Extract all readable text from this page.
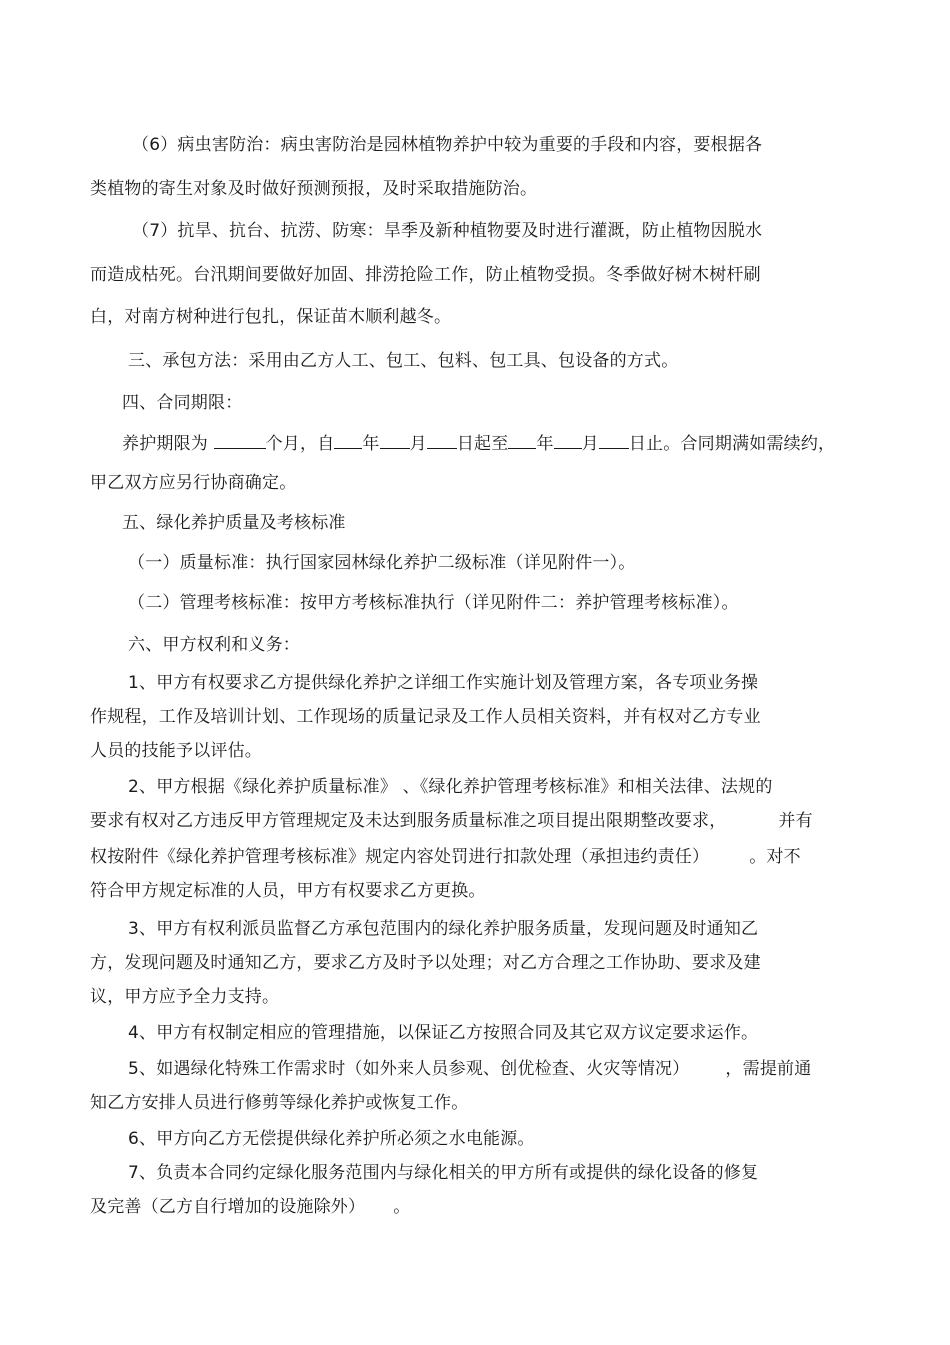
（6）病虫害防治：病虫害防治是园林植物养护中较为重要的手段和内容，要根据各
类植物的寄生对象及时做好预测预报，及时采取措施防治。
（7）抗旱、抗台、抗涝、防寒：旱季及新种植物要及时进行灌溉，防止植物因脱水
而造成枯死。台汛期间要做好加固、排涝抢险工作，防止植物受损。冬季做好树木树杆刷
白，对南方树种进行包扎，保证苗木顺利越冬。
三、承包方法：采用由乙方人工、包工、包料、包工具、包设备的方式。
四、合同期限：
养护期限为	个月，自 年 月 日起至 年 月 日止。合同期满如需续约，
甲乙双方应另行协商确定。
五、绿化养护质量及考核标准
（一）质量标准：执行国家园林绿化养护二级标准（详见附件一）。
（二）管理考核标准：按甲方考核标准执行（详见附件二：养护管理考核标准）。
六、甲方权利和义务：
1、甲方有权要求乙方提供绿化养护之详细工作实施计划及管理方案，各专项业务操
作规程，工作及培训计划、工作现场的质量记录及工作人员相关资料，并有权对乙方专业
人员的技能予以评估。
2、甲方根据《绿化养护质量标准》 、《绿化养护管理考核标准》和相关法律、法规的
要求有权对乙方违反甲方管理规定及未达到服务质量标准之项目提出限期整改要求，	并有
权按附件《绿化养护管理考核标准》规定内容处罚进行扣款处理（承担违约责任） 。对不
符合甲方规定标准的人员，甲方有权要求乙方更换。
3、甲方有权利派员监督乙方承包范围内的绿化养护服务质量，发现问题及时通知乙
方，发现问题及时通知乙方，要求乙方及时予以处理；对乙方合理之工作协助、要求及建
议，甲方应予全力支持。
4、甲方有权制定相应的管理措施，以保证乙方按照合同及其它双方议定要求运作。
5、如遇绿化特殊工作需求时（如外来人员参观、创优检查、火灾等情况） ，需提前通
知乙方安排人员进行修剪等绿化养护或恢复工作。
6、甲方向乙方无偿提供绿化养护所必须之水电能源。
7、负责本合同约定绿化服务范围内与绿化相关的甲方所有或提供的绿化设备的修复
及完善（乙方自行增加的设施除外） 。
